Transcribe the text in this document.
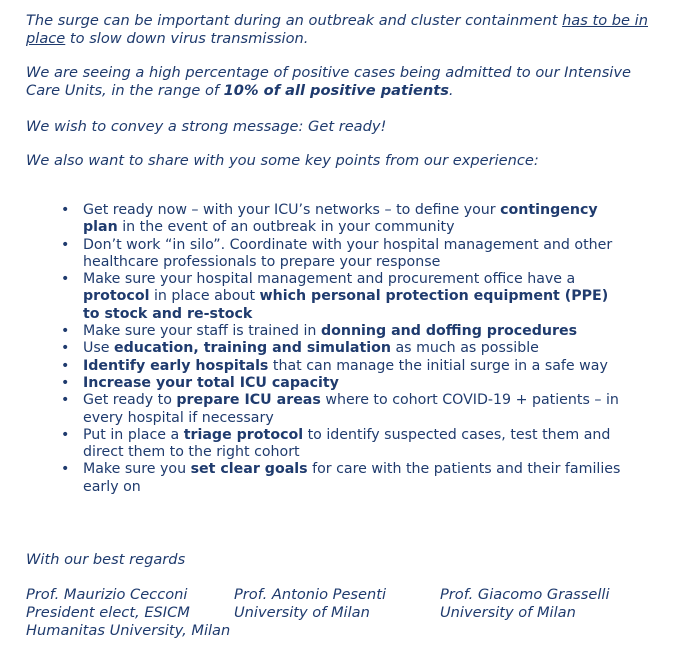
The surge can be important during an outbreak and cluster containment has to be in place to slow down virus transmission.

We are seeing a high percentage of positive cases being admitted to our Intensive Care Units, in the range of 10% of all positive patients.

We wish to convey a strong message: Get ready!

We also want to share with you some key points from our experience:

• Get ready now – with your ICU’s networks – to define your contingency plan in the event of an outbreak in your community
• Don’t work “in silo”. Coordinate with your hospital management and other healthcare professionals to prepare your response
• Make sure your hospital management and procurement office have a protocol in place about which personal protection equipment (PPE) to stock and re-stock
• Make sure your staff is trained in donning and doffing procedures
• Use education, training and simulation as much as possible
• Identify early hospitals that can manage the initial surge in a safe way
• Increase your total ICU capacity
• Get ready to prepare ICU areas where to cohort COVID-19 + patients – in every hospital if necessary
• Put in place a triage protocol to identify suspected cases, test them and direct them to the right cohort
• Make sure you set clear goals for care with the patients and their families early on
With our best regards
Prof. Maurizio Cecconi
President elect, ESICM
Humanitas University, Milan
Prof. Antonio Pesenti
University of Milan
Prof. Giacomo Grasselli
University of Milan
